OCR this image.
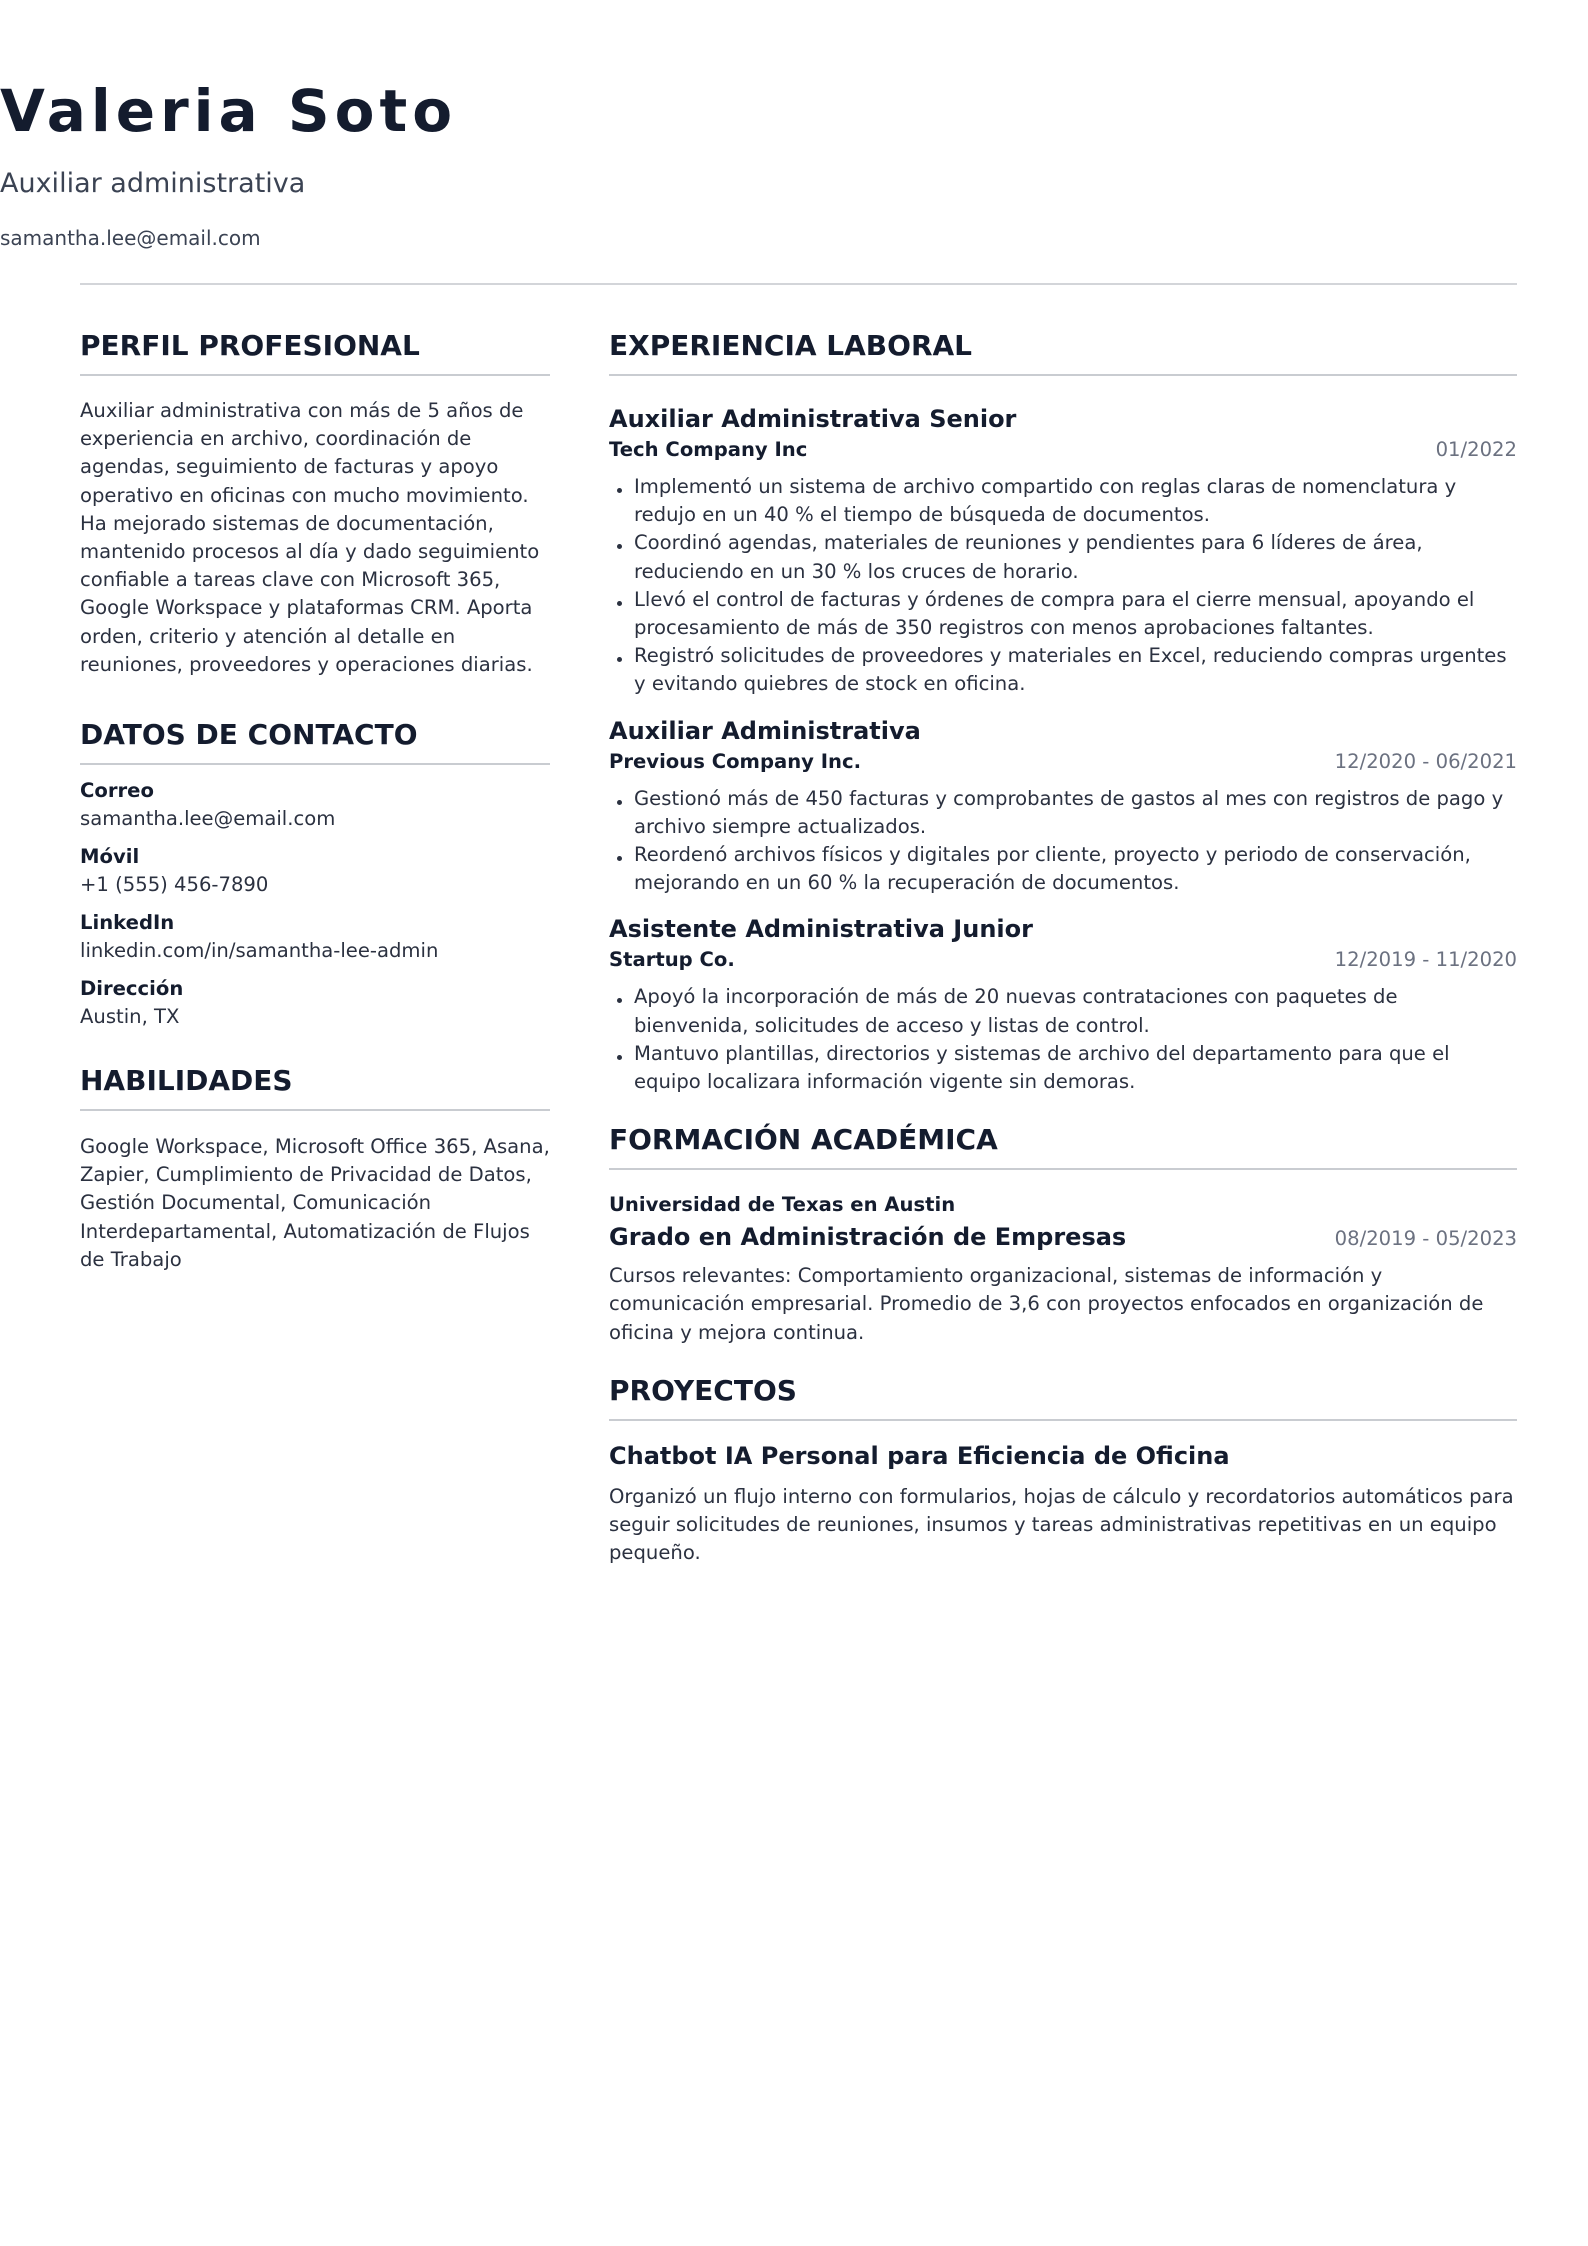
Valeria Soto
Auxiliar administrativa
samantha.lee@email.com
PERFIL PROFESIONAL
Auxiliar administrativa con más de 5 años de experiencia en archivo, coordinación de agendas, seguimiento de facturas y apoyo operativo en oficinas con mucho movimiento. Ha mejorado sistemas de documentación, mantenido procesos al día y dado seguimiento confiable a tareas clave con Microsoft 365, Google Workspace y plataformas CRM. Aporta orden, criterio y atención al detalle en reuniones, proveedores y operaciones diarias.
DATOS DE CONTACTO
Correo
samantha.lee@email.com
Móvil
+1 (555) 456-7890
LinkedIn
linkedin.com/in/samantha-lee-admin
Dirección
Austin, TX
HABILIDADES
Google Workspace, Microsoft Office 365, Asana, Zapier, Cumplimiento de Privacidad de Datos, Gestión Documental, Comunicación Interdepartamental, Automatización de Flujos de Trabajo
EXPERIENCIA LABORAL
Auxiliar Administrativa Senior
Tech Company Inc	01/2022
Implementó un sistema de archivo compartido con reglas claras de nomenclatura y redujo en un 40 % el tiempo de búsqueda de documentos.
Coordinó agendas, materiales de reuniones y pendientes para 6 líderes de área, reduciendo en un 30 % los cruces de horario.
Llevó el control de facturas y órdenes de compra para el cierre mensual, apoyando el procesamiento de más de 350 registros con menos aprobaciones faltantes.
Registró solicitudes de proveedores y materiales en Excel, reduciendo compras urgentes y evitando quiebres de stock en oficina.
Auxiliar Administrativa
Previous Company Inc.	12/2020 - 06/2021
Gestionó más de 450 facturas y comprobantes de gastos al mes con registros de pago y archivo siempre actualizados.
Reordenó archivos físicos y digitales por cliente, proyecto y periodo de conservación, mejorando en un 60 % la recuperación de documentos.
Asistente Administrativa Junior
Startup Co.	12/2019 - 11/2020
Apoyó la incorporación de más de 20 nuevas contrataciones con paquetes de bienvenida, solicitudes de acceso y listas de control.
Mantuvo plantillas, directorios y sistemas de archivo del departamento para que el equipo localizara información vigente sin demoras.
FORMACIÓN ACADÉMICA
Universidad de Texas en Austin
Grado en Administración de Empresas	08/2019 - 05/2023
Cursos relevantes: Comportamiento organizacional, sistemas de información y comunicación empresarial. Promedio de 3,6 con proyectos enfocados en organización de oficina y mejora continua.
PROYECTOS
Chatbot IA Personal para Eficiencia de Oficina
Organizó un flujo interno con formularios, hojas de cálculo y recordatorios automáticos para seguir solicitudes de reuniones, insumos y tareas administrativas repetitivas en un equipo pequeño.
